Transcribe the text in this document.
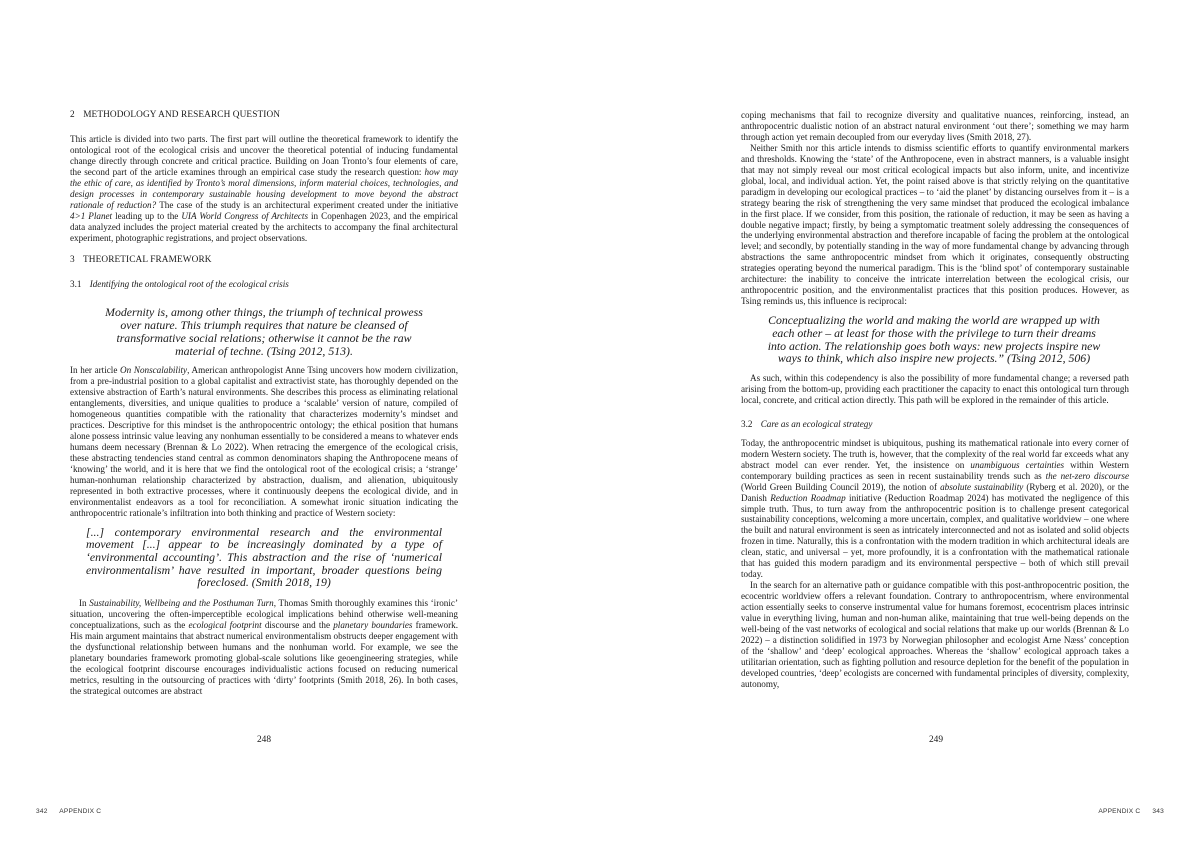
2 METHODOLOGY AND RESEARCH QUESTION

This article is divided into two parts. The first part will outline the theoretical framework to identify the ontological root of the ecological crisis and uncover the theoretical potential of inducing fundamental change directly through concrete and critical practice. Building on Joan Tronto’s four elements of care, the second part of the article examines through an empirical case study the research question: how may the ethic of care, as identified by Tronto’s moral dimensions, inform material choices, technologies, and design processes in contemporary sustainable housing development to move beyond the abstract rationale of reduction? The case of the study is an architectural experiment created under the initiative 4>1 Planet leading up to the UIA World Congress of Architects in Copenhagen 2023, and the empirical data analyzed includes the project material created by the architects to accompany the final architectural experiment, photographic registrations, and project observations.

3 THEORETICAL FRAMEWORK
3.1 Identifying the ontological root of the ecological crisis

Modernity is, among other things, the triumph of technical prowess over nature. This triumph requires that nature be cleansed of transformative social relations; otherwise it cannot be the raw material of techne. (Tsing 2012, 513).

In her article On Nonscalability, American anthropologist Anne Tsing uncovers how modern civilization, from a pre-industrial position to a global capitalist and extractivist state, has thoroughly depended on the extensive abstraction of Earth’s natural environments. She describes this process as eliminating relational entanglements, diversities, and unique qualities to produce a ‘scalable’ version of nature, compiled of homogeneous quantities compatible with the rationality that characterizes modernity’s mindset and practices. Descriptive for this mindset is the anthropocentric ontology; the ethical position that humans alone possess intrinsic value leaving any nonhuman essentially to be considered a means to whatever ends humans deem necessary (Brennan & Lo 2022). When retracing the emergence of the ecological crisis, these abstracting tendencies stand central as common denominators shaping the Anthropocene means of ‘knowing’ the world, and it is here that we find the ontological root of the ecological crisis; a ‘strange’ human-nonhuman relationship characterized by abstraction, dualism, and alienation, ubiquitously represented in both extractive processes, where it continuously deepens the ecological divide, and in environmentalist endeavors as a tool for reconciliation. A somewhat ironic situation indicating the anthropocentric rationale’s infiltration into both thinking and practice of Western society:

[...] contemporary environmental research and the environmental movement [...] appear to be increasingly dominated by a type of ‘environmental accounting’. This abstraction and the rise of ‘numerical environmentalism’ have resulted in important, broader questions being foreclosed. (Smith 2018, 19)

In Sustainability, Wellbeing and the Posthuman Turn, Thomas Smith thoroughly examines this ‘ironic’ situation, uncovering the often-imperceptible ecological implications behind otherwise well-meaning conceptualizations, such as the ecological footprint discourse and the planetary boundaries framework. His main argument maintains that abstract numerical environmentalism obstructs deeper engagement with the dysfunctional relationship between humans and the nonhuman world. For example, we see the planetary boundaries framework promoting global-scale solutions like geoengineering strategies, while the ecological footprint discourse encourages individualistic actions focused on reducing numerical metrics, resulting in the outsourcing of practices with ‘dirty’ footprints (Smith 2018, 26). In both cases, the strategical outcomes are abstract

248
342 APPENDIX C

coping mechanisms that fail to recognize diversity and qualitative nuances, reinforcing, instead, an anthropocentric dualistic notion of an abstract natural environment ‘out there’; something we may harm through action yet remain decoupled from our everyday lives (Smith 2018, 27).

Neither Smith nor this article intends to dismiss scientific efforts to quantify environmental markers and thresholds. Knowing the ‘state’ of the Anthropocene, even in abstract manners, is a valuable insight that may not simply reveal our most critical ecological impacts but also inform, unite, and incentivize global, local, and individual action. Yet, the point raised above is that strictly relying on the quantitative paradigm in developing our ecological practices – to ‘aid the planet’ by distancing ourselves from it – is a strategy bearing the risk of strengthening the very same mindset that produced the ecological imbalance in the first place. If we consider, from this position, the rationale of reduction, it may be seen as having a double negative impact; firstly, by being a symptomatic treatment solely addressing the consequences of the underlying environmental abstraction and therefore incapable of facing the problem at the ontological level; and secondly, by potentially standing in the way of more fundamental change by advancing through abstractions the same anthropocentric mindset from which it originates, consequently obstructing strategies operating beyond the numerical paradigm. This is the ‘blind spot’ of contemporary sustainable architecture: the inability to conceive the intricate interrelation between the ecological crisis, our anthropocentric position, and the environmentalist practices that this position produces. However, as Tsing reminds us, this influence is reciprocal:

Conceptualizing the world and making the world are wrapped up with each other – at least for those with the privilege to turn their dreams into action. The relationship goes both ways: new projects inspire new ways to think, which also inspire new projects.” (Tsing 2012, 506)

As such, within this codependency is also the possibility of more fundamental change; a reversed path arising from the bottom-up, providing each practitioner the capacity to enact this ontological turn through local, concrete, and critical action directly. This path will be explored in the remainder of this article.

3.2 Care as an ecological strategy

Today, the anthropocentric mindset is ubiquitous, pushing its mathematical rationale into every corner of modern Western society. The truth is, however, that the complexity of the real world far exceeds what any abstract model can ever render. Yet, the insistence on unambiguous certainties within Western contemporary building practices as seen in recent sustainability trends such as the net-zero discourse (World Green Building Council 2019), the notion of absolute sustainability (Ryberg et al. 2020), or the Danish Reduction Roadmap initiative (Reduction Roadmap 2024) has motivated the negligence of this simple truth. Thus, to turn away from the anthropocentric position is to challenge present categorical sustainability conceptions, welcoming a more uncertain, complex, and qualitative worldview – one where the built and natural environment is seen as intricately interconnected and not as isolated and solid objects frozen in time. Naturally, this is a confrontation with the modern tradition in which architectural ideals are clean, static, and universal – yet, more profoundly, it is a confrontation with the mathematical rationale that has guided this modern paradigm and its environmental perspective – both of which still prevail today.

In the search for an alternative path or guidance compatible with this post-anthropocentric position, the ecocentric worldview offers a relevant foundation. Contrary to anthropocentrism, where environmental action essentially seeks to conserve instrumental value for humans foremost, ecocentrism places intrinsic value in everything living, human and non-human alike, maintaining that true well-being depends on the well-being of the vast networks of ecological and social relations that make up our worlds (Brennan & Lo 2022) – a distinction solidified in 1973 by Norwegian philosopher and ecologist Arne Næss’ conception of the ‘shallow’ and ‘deep’ ecological approaches. Whereas the ‘shallow’ ecological approach takes a utilitarian orientation, such as fighting pollution and resource depletion for the benefit of the population in developed countries, ‘deep’ ecologists are concerned with fundamental principles of diversity, complexity, autonomy,

249
APPENDIX C 343
